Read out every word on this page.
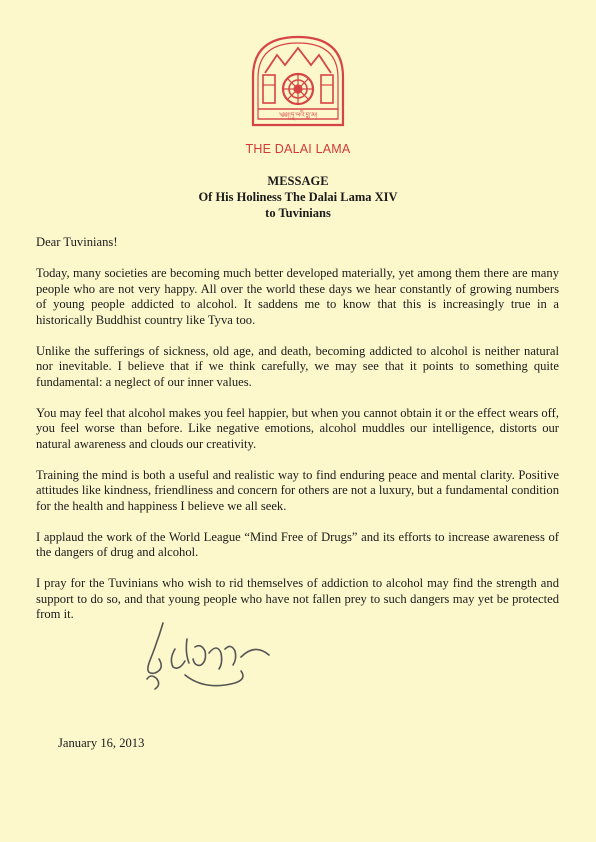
༄༅།།ཏཱ་ལའི་བླ་མ།
THE DALAI LAMA
MESSAGE
Of His Holiness The Dalai Lama XIV
to Tuvinians

Dear Tuvinians!

Today, many societies are becoming much better developed materially, yet among them there are many people who are not very happy. All over the world these days we hear constantly of growing numbers of young people addicted to alcohol. It saddens me to know that this is increasingly true in a historically Buddhist country like Tyva too.

Unlike the sufferings of sickness, old age, and death, becoming addicted to alcohol is neither natural nor inevitable. I believe that if we think carefully, we may see that it points to something quite fundamental: a neglect of our inner values.

You may feel that alcohol makes you feel happier, but when you cannot obtain it or the effect wears off, you feel worse than before. Like negative emotions, alcohol muddles our intelligence, distorts our natural awareness and clouds our creativity.

Training the mind is both a useful and realistic way to find enduring peace and mental clarity. Positive attitudes like kindness, friendliness and concern for others are not a luxury, but a fundamental condition for the health and happiness I believe we all seek.

I applaud the work of the World League “Mind Free of Drugs” and its efforts to increase awareness of the dangers of drug and alcohol.

I pray for the Tuvinians who wish to rid themselves of addiction to alcohol may find the strength and support to do so, and that young people who have not fallen prey to such dangers may yet be protected from it.

January 16, 2013
